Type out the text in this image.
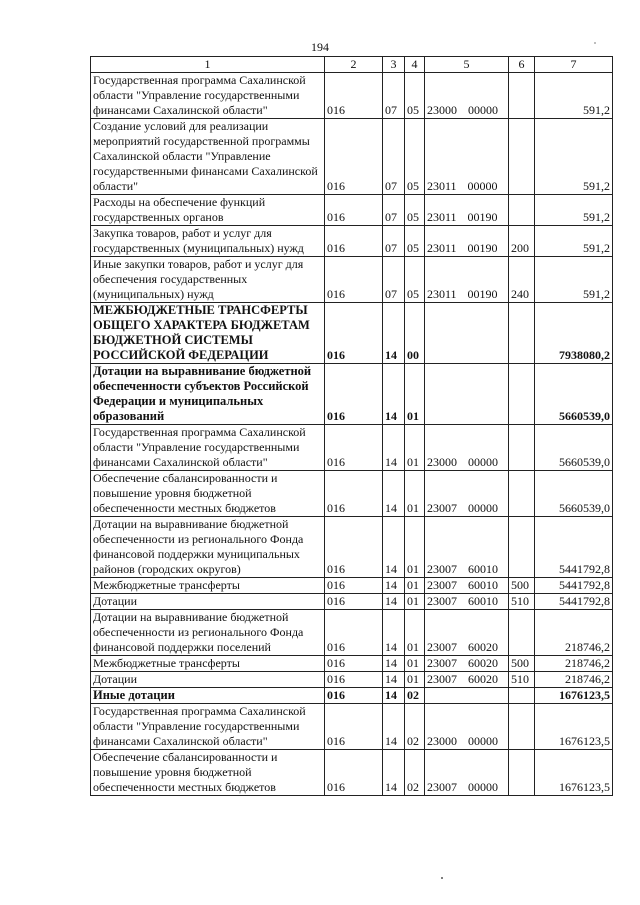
194
1	2	3	4	5	6	7
Государственная программа Сахалинской области "Управление государственными финансами Сахалинской области"	016	07	05	23000 00000		591,2
Создание условий для реализации мероприятий государственной программы Сахалинской области "Управление государственными финансами Сахалинской области"	016	07	05	23011 00000		591,2
Расходы на обеспечение функций государственных органов	016	07	05	23011 00190		591,2
Закупка товаров, работ и услуг для государственных (муниципальных) нужд	016	07	05	23011 00190	200	591,2
Иные закупки товаров, работ и услуг для обеспечения государственных (муниципальных) нужд	016	07	05	23011 00190	240	591,2
МЕЖБЮДЖЕТНЫЕ ТРАНСФЕРТЫ ОБЩЕГО ХАРАКТЕРА БЮДЖЕТАМ БЮДЖЕТНОЙ СИСТЕМЫ РОССИЙСКОЙ ФЕДЕРАЦИИ	016	14	00			7938080,2
Дотации на выравнивание бюджетной обеспеченности субъектов Российской Федерации и муниципальных образований	016	14	01			5660539,0
Государственная программа Сахалинской области "Управление государственными финансами Сахалинской области"	016	14	01	23000 00000		5660539,0
Обеспечение сбалансированности и повышение уровня бюджетной обеспеченности местных бюджетов	016	14	01	23007 00000		5660539,0
Дотации на выравнивание бюджетной обеспеченности из регионального Фонда финансовой поддержки муниципальных районов (городских округов)	016	14	01	23007 60010		5441792,8
Межбюджетные трансферты	016	14	01	23007 60010	500	5441792,8
Дотации	016	14	01	23007 60010	510	5441792,8
Дотации на выравнивание бюджетной обеспеченности из регионального Фонда финансовой поддержки поселений	016	14	01	23007 60020		218746,2
Межбюджетные трансферты	016	14	01	23007 60020	500	218746,2
Дотации	016	14	01	23007 60020	510	218746,2
Иные дотации	016	14	02			1676123,5
Государственная программа Сахалинской области "Управление государственными финансами Сахалинской области"	016	14	02	23000 00000		1676123,5
Обеспечение сбалансированности и повышение уровня бюджетной обеспеченности местных бюджетов	016	14	02	23007 00000		1676123,5
